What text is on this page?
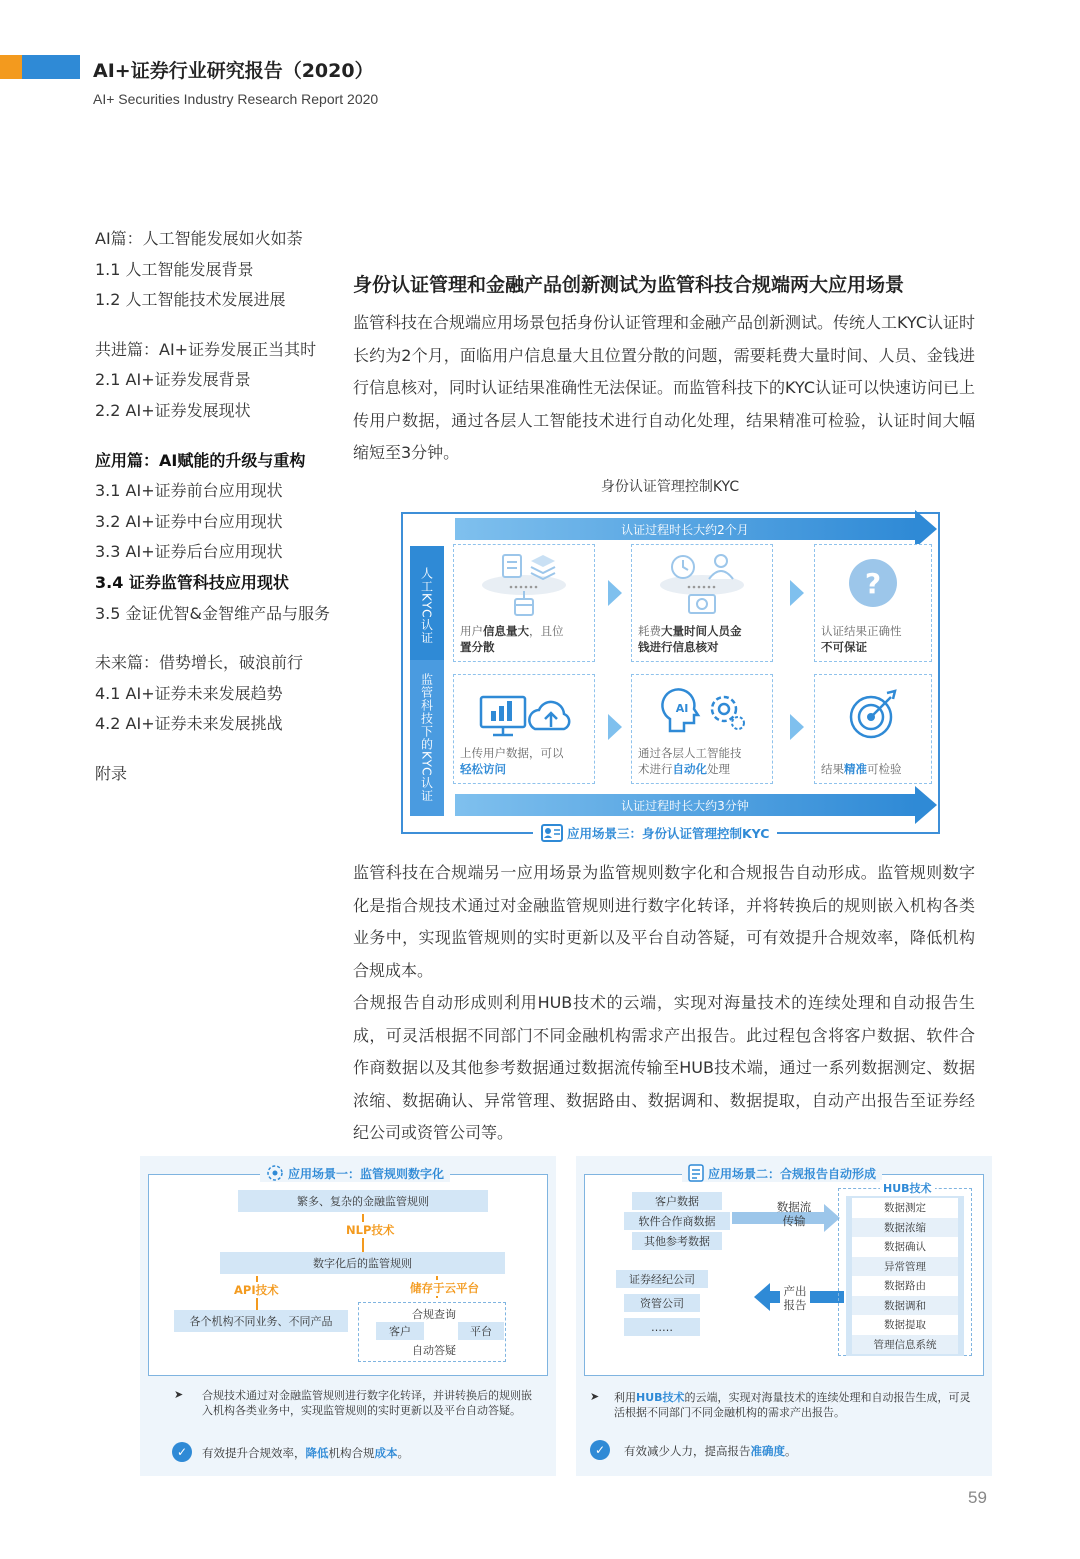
AI+证券行业研究报告（2020）
AI+ Securities Industry Research Report 2020
AI篇：人工智能发展如火如荼
1.1 人工智能发展背景
1.2 人工智能技术发展进展
共进篇：AI+证券发展正当其时
2.1 AI+证券发展背景
2.2 AI+证券发展现状
应用篇：AI赋能的升级与重构
3.1 AI+证券前台应用现状
3.2 AI+证券中台应用现状
3.3 AI+证券后台应用现状
3.4 证券监管科技应用现状
3.5 金证优智&金智维产品与服务
未来篇：借势增长，破浪前行
4.1 AI+证券未来发展趋势
4.2 AI+证券未来发展挑战
附录
身份认证管理和金融产品创新测试为监管科技合规端两大应用场景
监管科技在合规端应用场景包括身份认证管理和金融产品创新测试。传统人工KYC认证时长约为2个月，面临用户信息量大且位置分散的问题，需要耗费大量时间、人员、金钱进行信息核对，同时认证结果准确性无法保证。而监管科技下的KYC认证可以快速访问已上传用户数据，通过各层人工智能技术进行自动化处理，结果精准可检验，认证时间大幅缩短至3分钟。
身份认证管理控制KYC
人工KYC认证
监管科技下的KYC认证
认证过程时长大约2个月
用户信息量大，且位
置分散
耗费大量时间人员金
钱进行信息核对
?
认证结果正确性
不可保证
上传用户数据，可以
轻松访问
AI
通过各层人工智能技
术进行自动化处理	结果精准可检验
认证过程时长大约3分钟
应用场景三：身份认证管理控制KYC
监管科技在合规端另一应用场景为监管规则数字化和合规报告自动形成。监管规则数字化是指合规技术通过对金融监管规则进行数字化转译，并将转换后的规则嵌入机构各类业务中，实现监管规则的实时更新以及平台自动答疑，可有效提升合规效率，降低机构合规成本。
合规报告自动形成则利用HUB技术的云端，实现对海量技术的连续处理和自动报告生成，可灵活根据不同部门不同金融机构需求产出报告。此过程包含将客户数据、软件合作商数据以及其他参考数据通过数据流传输至HUB技术端，通过一系列数据测定、数据浓缩、数据确认、异常管理、数据路由、数据调和、数据提取，自动产出报告至证券经纪公司或资管公司等。
应用场景一：监管规则数字化
繁多、复杂的金融监管规则
NLP技术
数字化后的监管规则
API技术	储存于云平台
各个机构不同业务、不同产品
合规查询
客户	平台
自动答疑
➤ 合规技术通过对金融监管规则进行数字化转译，并讲转换后的规则嵌入机构各类业务中，实现监管规则的实时更新以及平台自动答疑。
✓	有效提升合规效率，降低机构合规成本。
应用场景二：合规报告自动形成
客户数据
软件合作商数据
其他参考数据
数据流传输
证券经纪公司
资管公司
……
产出报告
HUB技术
数据测定
数据浓缩
数据确认
异常管理
数据路由
数据调和
数据提取
管理信息系统
➤ 利用HUB技术的云端，实现对海量技术的连续处理和自动报告生成，可灵活根据不同部门不同金融机构的需求产出报告。
✓	有效减少人力，提高报告准确度。
59
